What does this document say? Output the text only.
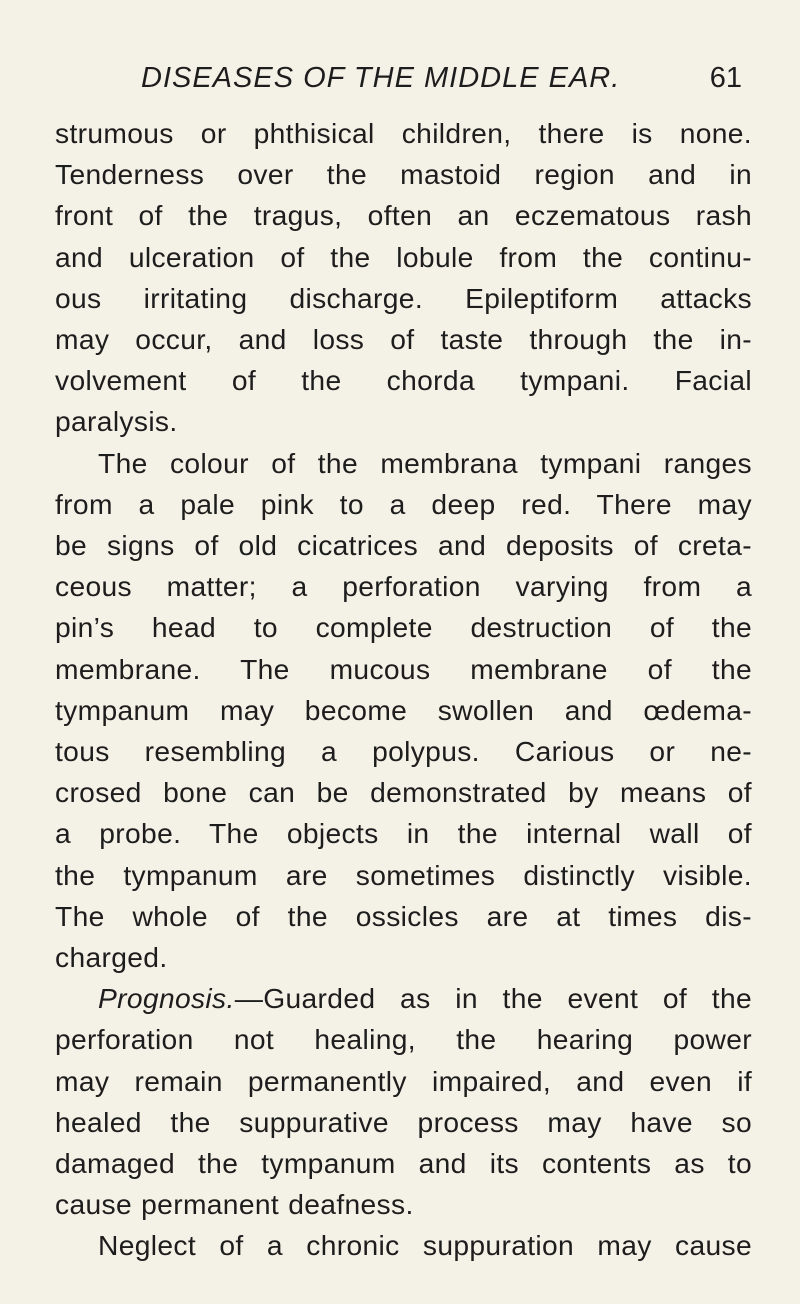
DISEASES OF THE MIDDLE EAR.	61
strumous or phthisical children, there is none.
Tenderness over the mastoid region and in
front of the tragus, often an eczematous rash
and ulceration of the lobule from the continu-
ous irritating discharge. Epileptiform attacks
may occur, and loss of taste through the in-
volvement of the chorda tympani. Facial
paralysis.
The colour of the membrana tympani ranges
from a pale pink to a deep red. There may
be signs of old cicatrices and deposits of creta-
ceous matter; a perforation varying from a
pin’s head to complete destruction of the
membrane. The mucous membrane of the
tympanum may become swollen and œdema-
tous resembling a polypus. Carious or ne-
crosed bone can be demonstrated by means of
a probe. The objects in the internal wall of
the tympanum are sometimes distinctly visible.
The whole of the ossicles are at times dis-
charged.
Prognosis.—Guarded as in the event of the
perforation not healing, the hearing power
may remain permanently impaired, and even if
healed the suppurative process may have so
damaged the tympanum and its contents as to
cause permanent deafness.
Neglect of a chronic suppuration may cause
